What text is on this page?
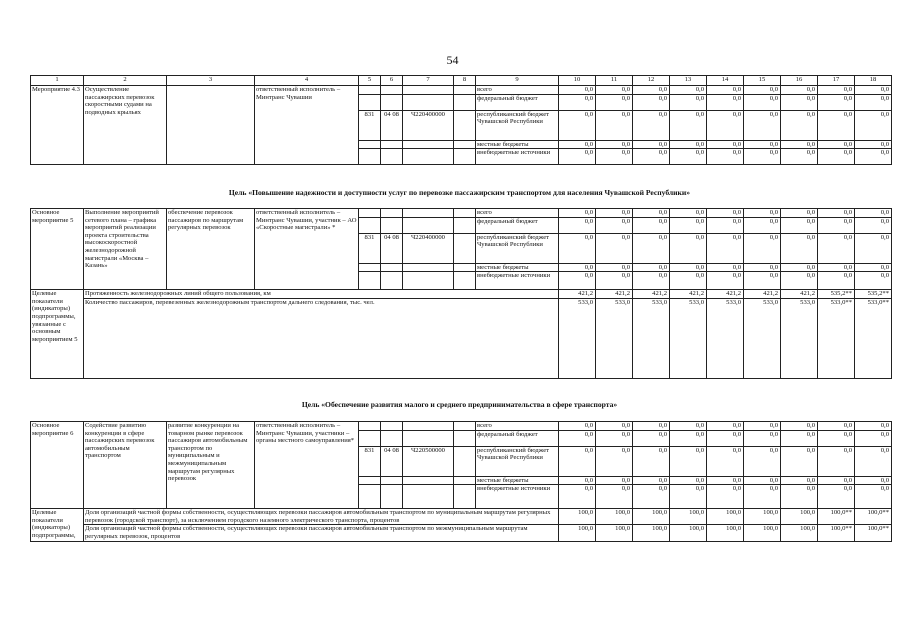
54
1	2	3	4	5	6	7	8	9	10	11	12	13	14	15	16	17	18
Мероприятие 4.3	Осуществление пассажирских перевозок скоростными судами на подводных крыльях		ответственный исполнитель – Минтранс Чувашии					всего	0,0	0,0	0,0	0,0	0,0	0,0	0,0	0,0	0,0
								федеральный бюджет	0,0	0,0	0,0	0,0	0,0	0,0	0,0	0,0	0,0
				831	04 08	Ч220400000		республиканский бюджет Чувашской Республики	0,0	0,0	0,0	0,0	0,0	0,0	0,0	0,0	0,0
								местные бюджеты	0,0	0,0	0,0	0,0	0,0	0,0	0,0	0,0	0,0
								внебюджетные источники	0,0	0,0	0,0	0,0	0,0	0,0	0,0	0,0	0,0
Цель «Повышение надежности и доступности услуг по перевозке пассажирским транспортом для населения Чувашской Республики»
Основное мероприятие 5	Выполнение мероприятий сетевого плана – графика мероприятий реализации проекта строительства высокоскоростной железнодорожной магистрали «Москва – Казань»	обеспечение перевозок пассажиров по маршрутам регулярных перевозок	ответственный исполнитель – Минтранс Чувашии, участник – АО «Скоростные магистрали» *					всего	0,0	0,0	0,0	0,0	0,0	0,0	0,0	0,0	0,0
								федеральный бюджет	0,0	0,0	0,0	0,0	0,0	0,0	0,0	0,0	0,0
				831	04 08	Ч220400000		республиканский бюджет Чувашской Республики	0,0	0,0	0,0	0,0	0,0	0,0	0,0	0,0	0,0
								местные бюджеты	0,0	0,0	0,0	0,0	0,0	0,0	0,0	0,0	0,0
								внебюджетные источники	0,0	0,0	0,0	0,0	0,0	0,0	0,0	0,0	0,0
Целевые показатели (индикаторы) подпрограммы, увязанные с основным мероприятием 5	Протяженность железнодорожных линий общего пользования, км								421,2	421,2	421,2	421,2	421,2	421,2	421,2	535,2**	535,2**
	Количество пассажиров, перевезенных железнодорожным транспортом дальнего следования, тыс. чел.								533,0	533,0	533,0	533,0	533,0	533,0	533,0	533,0**	533,0**
Цель «Обеспечение развития малого и среднего предпринимательства в сфере транспорта»
Основное мероприятие 6	Содействие развитию конкуренции в сфере пассажирских перевозок автомобильным транспортом	развитие конкуренции на товарном рынке перевозок пассажиров автомобильным транспортом по муниципальным и межмуниципальным маршрутам регулярных перевозок	ответственный исполнитель – Минтранс Чувашии, участники – органы местного самоуправления*					всего	0,0	0,0	0,0	0,0	0,0	0,0	0,0	0,0	0,0
								федеральный бюджет	0,0	0,0	0,0	0,0	0,0	0,0	0,0	0,0	0,0
				831	04 08	Ч220500000		республиканский бюджет Чувашской Республики	0,0	0,0	0,0	0,0	0,0	0,0	0,0	0,0	0,0
								местные бюджеты	0,0	0,0	0,0	0,0	0,0	0,0	0,0	0,0	0,0
								внебюджетные источники	0,0	0,0	0,0	0,0	0,0	0,0	0,0	0,0	0,0
Целевые показатели (индикаторы) подпрограммы,	Доля организаций частной формы собственности, осуществляющих перевозки пассажиров автомобильным транспортом по муниципальным маршрутам регулярных перевозок (городской транспорт), за исключением городского наземного электрического транспорта, процентов								100,0	100,0	100,0	100,0	100,0	100,0	100,0	100,0**	100,0**
	Доля организаций частной формы собственности, осуществляющих перевозки пассажиров автомобильным транспортом по межмуниципальным маршрутам регулярных перевозок, процентов								100,0	100,0	100,0	100,0	100,0	100,0	100,0	100,0**	100,0**
